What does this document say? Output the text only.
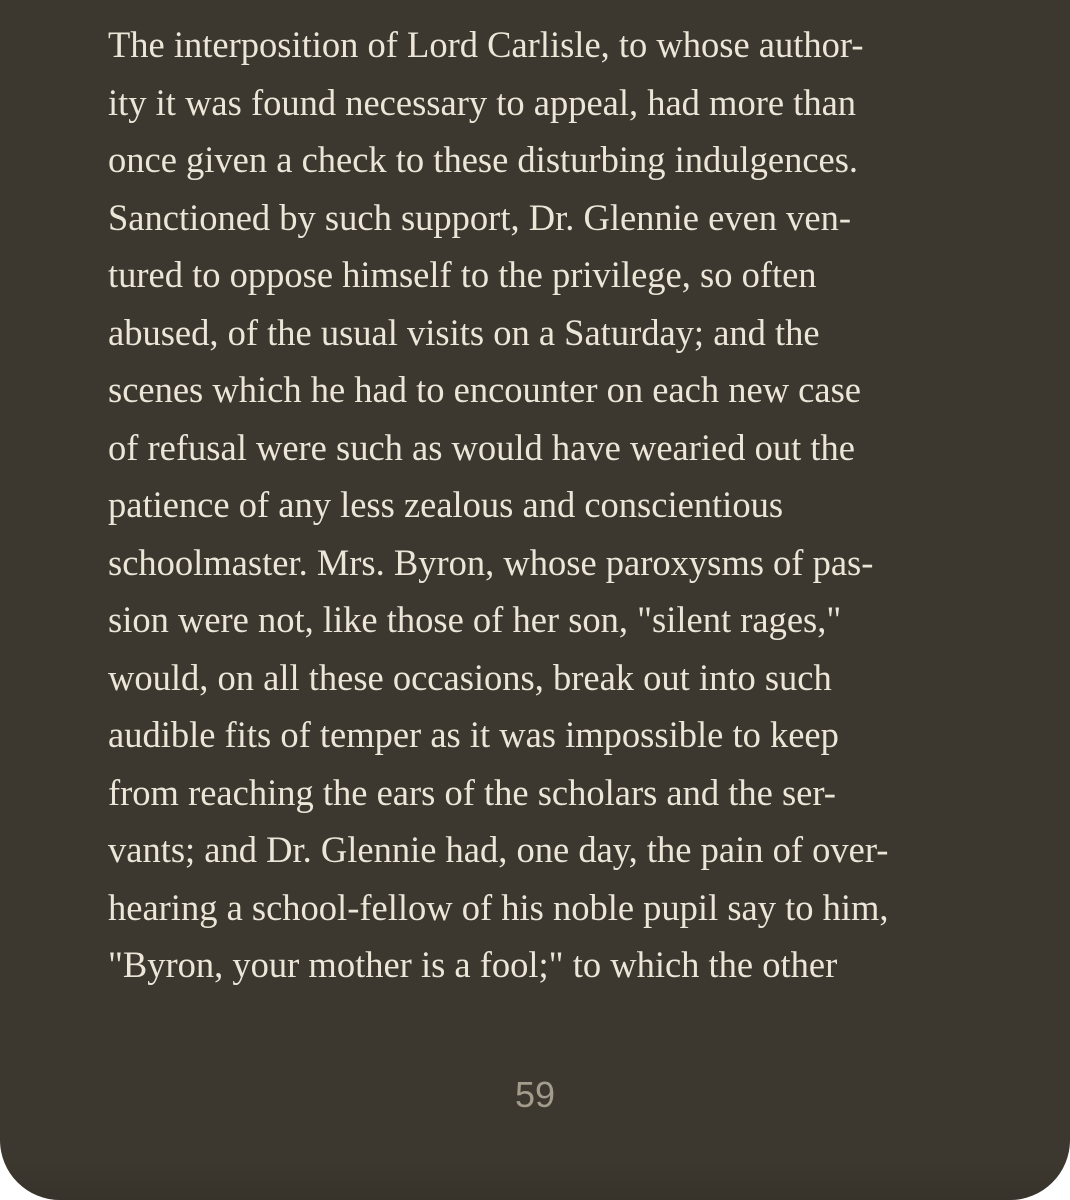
The interposition of Lord Carlisle, to whose author-
ity it was found necessary to appeal, had more than
once given a check to these disturbing indulgences.
Sanctioned by such support, Dr. Glennie even ven-
tured to oppose himself to the privilege, so often
abused, of the usual visits on a Saturday; and the
scenes which he had to encounter on each new case
of refusal were such as would have wearied out the
patience of any less zealous and conscientious
schoolmaster. Mrs. Byron, whose paroxysms of pas-
sion were not, like those of her son, "silent rages,"
would, on all these occasions, break out into such
audible fits of temper as it was impossible to keep
from reaching the ears of the scholars and the ser-
vants; and Dr. Glennie had, one day, the pain of over-
hearing a school-fellow of his noble pupil say to him,
"Byron, your mother is a fool;" to which the other
59
